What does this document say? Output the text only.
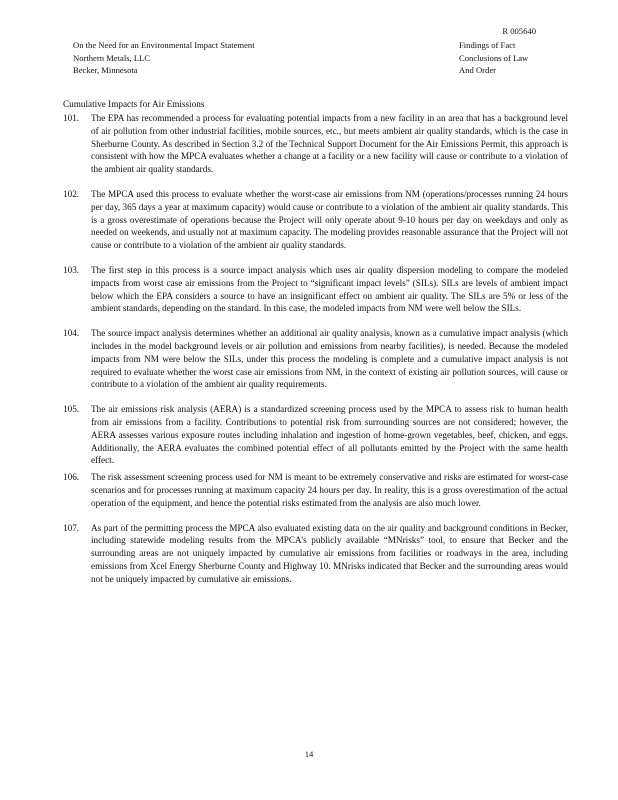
R 005640
On the Need for an Environmental Impact Statement
Northern Metals, LLC
Becker, Minnesota
Findings of Fact
Conclusions of Law
And Order
Cumulative Impacts for Air Emissions
101.	The EPA has recommended a process for evaluating potential impacts from a new facility in an area that has a background level of air pollution from other industrial facilities, mobile sources, etc., but meets ambient air quality standards, which is the case in Sherburne County. As described in Section 3.2 of the Technical Support Document for the Air Emissions Permit, this approach is consistent with how the MPCA evaluates whether a change at a facility or a new facility will cause or contribute to a violation of the ambient air quality standards.
102.	The MPCA used this process to evaluate whether the worst-case air emissions from NM (operations/processes running 24 hours per day, 365 days a year at maximum capacity) would cause or contribute to a violation of the ambient air quality standards. This is a gross overestimate of operations because the Project will only operate about 9-10 hours per day on weekdays and only as needed on weekends, and usually not at maximum capacity. The modeling provides reasonable assurance that the Project will not cause or contribute to a violation of the ambient air quality standards.
103.	The first step in this process is a source impact analysis which uses air quality dispersion modeling to compare the modeled impacts from worst case air emissions from the Project to “significant impact levels” (SILs). SILs are levels of ambient impact below which the EPA considers a source to have an insignificant effect on ambient air quality. The SILs are 5% or less of the ambient standards, depending on the standard. In this case, the modeled impacts from NM were well below the SILs.
104.	The source impact analysis determines whether an additional air quality analysis, known as a cumulative impact analysis (which includes in the model background levels or air pollution and emissions from nearby facilities), is needed. Because the modeled impacts from NM were below the SILs, under this process the modeling is complete and a cumulative impact analysis is not required to evaluate whether the worst case air emissions from NM, in the context of existing air pollution sources, will cause or contribute to a violation of the ambient air quality requirements.
105.	The air emissions risk analysis (AERA) is a standardized screening process used by the MPCA to assess risk to human health from air emissions from a facility. Contributions to potential risk from surrounding sources are not considered; however, the AERA assesses various exposure routes including inhalation and ingestion of home-grown vegetables, beef, chicken, and eggs. Additionally, the AERA evaluates the combined potential effect of all pollutants emitted by the Project with the same health effect.
106.	The risk assessment screening process used for NM is meant to be extremely conservative and risks are estimated for worst-case scenarios and for processes running at maximum capacity 24 hours per day. In reality, this is a gross overestimation of the actual operation of the equipment, and hence the potential risks estimated from the analysis are also much lower.
107.	As part of the permitting process the MPCA also evaluated existing data on the air quality and background conditions in Becker, including statewide modeling results from the MPCA’s publicly available “MNrisks” tool, to ensure that Becker and the surrounding areas are not uniquely impacted by cumulative air emissions from facilities or roadways in the area, including emissions from Xcel Energy Sherburne County and Highway 10. MNrisks indicated that Becker and the surrounding areas would not be uniquely impacted by cumulative air emissions.
14
